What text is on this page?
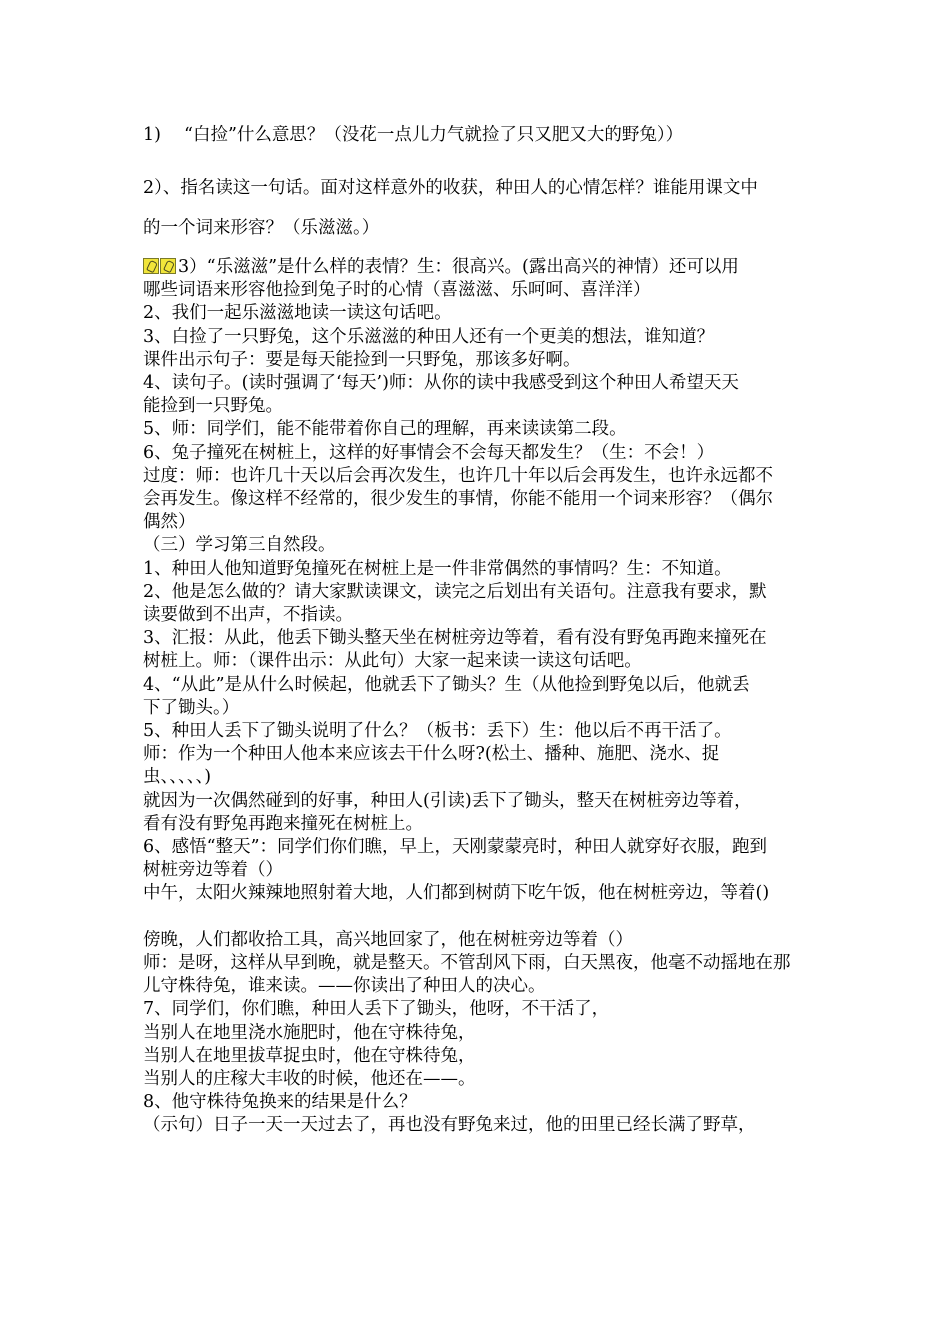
1)　 “白捡”什么意思？（没花一点儿力气就捡了只又肥又大的野兔））
2）、指名读这一句话。面对这样意外的收获，种田人的心情怎样？谁能用课文中
的一个词来形容？（乐滋滋。）
3）“乐滋滋”是什么样的表情？生：很高兴。(露出高兴的神情）还可以用
哪些词语来形容他捡到兔子时的心情（喜滋滋、乐呵呵、喜洋洋）
2、我们一起乐滋滋地读一读这句话吧。
3、白捡了一只野兔，这个乐滋滋的种田人还有一个更美的想法，谁知道？
课件出示句子：要是每天能捡到一只野兔，那该多好啊。
4、读句子。(读时强调了‘每天’)师：从你的读中我感受到这个种田人希望天天
能捡到一只野兔。
5、师：同学们，能不能带着你自己的理解，再来读读第二段。
6、兔子撞死在树桩上，这样的好事情会不会每天都发生？（生：不会！）
过度：师：也许几十天以后会再次发生，也许几十年以后会再发生，也许永远都不
会再发生。像这样不经常的，很少发生的事情，你能不能用一个词来形容？（偶尔
偶然）
（三）学习第三自然段。
1、种田人他知道野兔撞死在树桩上是一件非常偶然的事情吗？生：不知道。
2、他是怎么做的？请大家默读课文，读完之后划出有关语句。注意我有要求，默
读要做到不出声，不指读。
3、汇报：从此，他丢下锄头整天坐在树桩旁边等着，看有没有野兔再跑来撞死在
树桩上。师：（课件出示：从此句）大家一起来读一读这句话吧。
4、“从此”是从什么时候起，他就丢下了锄头？生（从他捡到野兔以后，他就丢
下了锄头。）
5、种田人丢下了锄头说明了什么？（板书：丢下）生：他以后不再干活了。
师：作为一个种田人他本来应该去干什么呀?(松土、播种、施肥、浇水、捉
虫、、、、、)
就因为一次偶然碰到的好事，种田人(引读)丢下了锄头，整天在树桩旁边等着，
看有没有野兔再跑来撞死在树桩上。
6、感悟“整天”：同学们你们瞧，早上，天刚蒙蒙亮时，种田人就穿好衣服，跑到
树桩旁边等着（）
中午，太阳火辣辣地照射着大地，人们都到树荫下吃午饭，他在树桩旁边，等着()
傍晚，人们都收拾工具，高兴地回家了，他在树桩旁边等着（）
师：是呀，这样从早到晚，就是整天。不管刮风下雨，白天黑夜，他毫不动摇地在那
儿守株待兔，谁来读。——你读出了种田人的决心。
7、同学们，你们瞧，种田人丢下了锄头，他呀，不干活了，
当别人在地里浇水施肥时，他在守株待兔，
当别人在地里拔草捉虫时，他在守株待兔，
当别人的庄稼大丰收的时候，他还在——。
8、他守株待兔换来的结果是什么？
（示句）日子一天一天过去了，再也没有野兔来过，他的田里已经长满了野草，
